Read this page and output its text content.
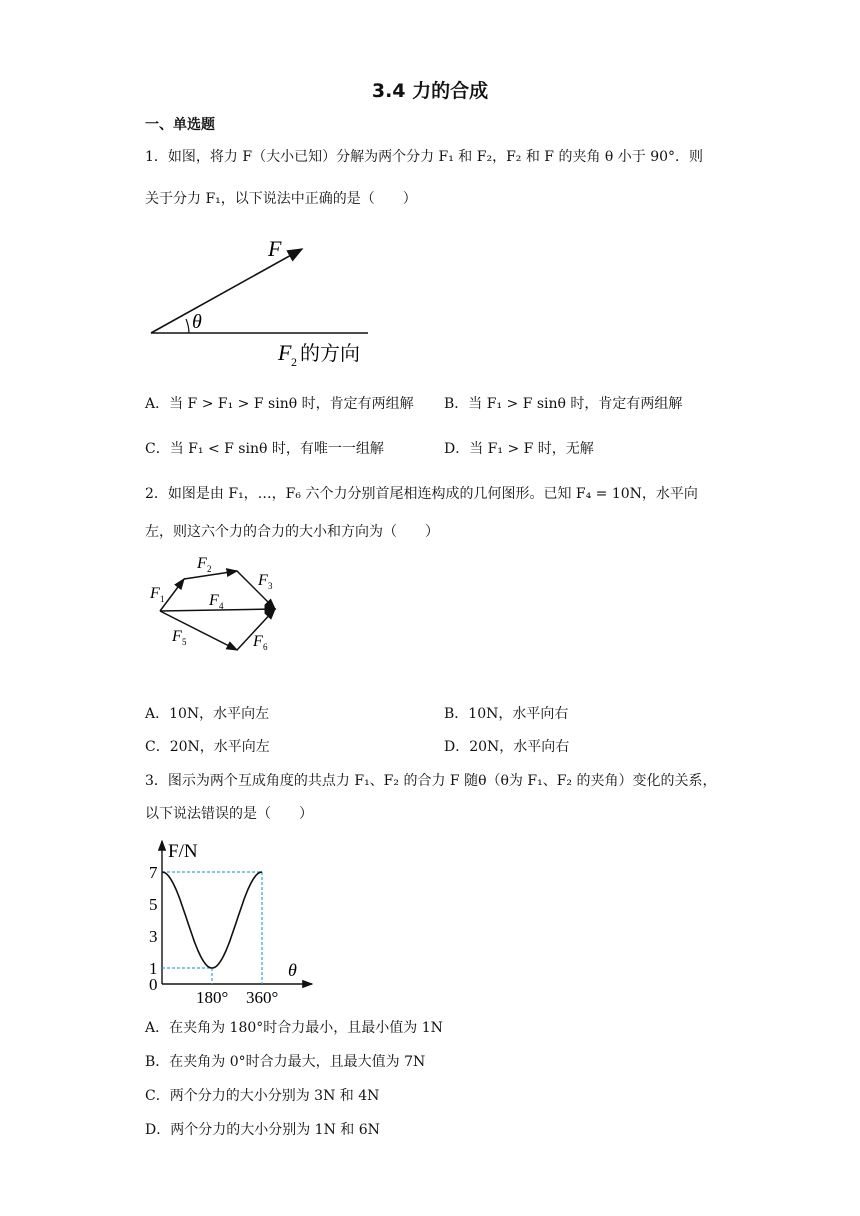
3.4 力的合成
一、单选题
1．如图，将力 F（大小已知）分解为两个分力 F₁ 和 F₂，F₂ 和 F 的夹角 θ 小于 90°．则
关于分力 F₁，以下说法中正确的是（　　）
F
θ
F 2 的方向
A．当 F > F₁ > F sinθ 时，肯定有两组解 B．当 F₁ > F sinθ 时，肯定有两组解
C．当 F₁ < F sinθ 时，有唯一一组解	D．当 F₁ > F 时，无解
2．如图是由 F₁，…，F₆ 六个力分别首尾相连构成的几何图形。已知 F₄ = 10N，水平向
左，则这六个力的合力的大小和方向为（　　）
F 1
F 2
F 3
F 4
F 5	F 6
A．10N，水平向左	B．10N，水平向右
C．20N，水平向左	D．20N，水平向右
3．图示为两个互成角度的共点力 F₁、F₂ 的合力 F 随θ（θ为 F₁、F₂ 的夹角）变化的关系，
以下说法错误的是（　　）
F/N
θ
7
5
3
1
0
180° 360°
A．在夹角为 180°时合力最小，且最小值为 1N
B．在夹角为 0°时合力最大，且最大值为 7N
C．两个分力的大小分别为 3N 和 4N
D．两个分力的大小分别为 1N 和 6N
